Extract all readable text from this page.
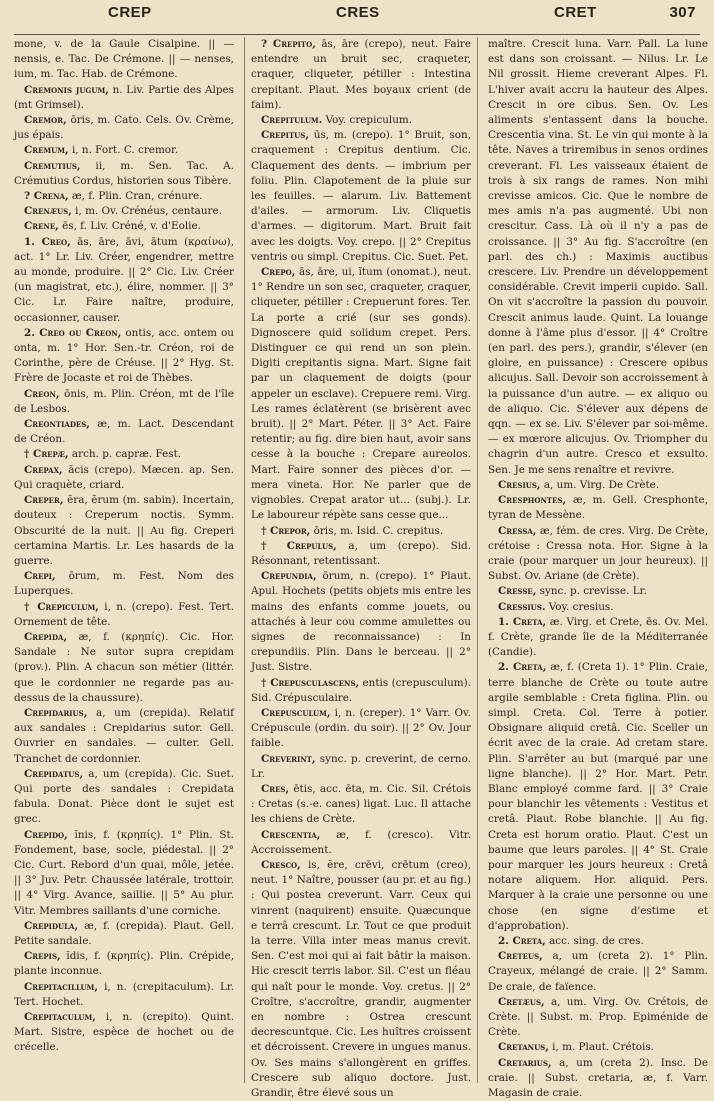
CREP	CRES	CRET	307

mone, v. de la Gaule Cisalpine. || — nensis, e. Tac. De Crémone. || — nenses, ium, m. Tac. Hab. de Crémone.

Cremonis jugum, n. Liv. Partie des Alpes (mt Grimsel).

Cremor, ōris, m. Cato. Cels. Ov. Crème, jus épais.

Cremum, i, n. Fort. C. cremor.

Cremutius, ii, m. Sen. Tac. A. Crémutius Cordus, historien sous Tibère.

? Crena, æ, f. Plin. Cran, crénure.

Crenæus, i, m. Ov. Crénéus, centaure.

Crene, ēs, f. Liv. Créné, v. d'Eolie.

1. Creo, ās, āre, āvi, ātum (κραίνω), act. 1° Lr. Liv. Créer, engendrer, mettre au monde, produire. || 2° Cic. Liv. Créer (un magistrat, etc.), élire, nommer. || 3° Cic. Lr. Faire naître, produire, occasionner, causer.

2. Creo ou Creon, ontis, acc. ontem ou onta, m. 1° Hor. Sen.-tr. Créon, roi de Corinthe, père de Créuse. || 2° Hyg. St. Frère de Jocaste et roi de Thèbes.

Creon, ōnis, m. Plin. Créon, mt de l'île de Lesbos.

Creontiades, æ, m. Lact. Descendant de Créon.

† Crepæ, arch. p. capræ. Fest.

Crepax, ācis (crepo). Mæcen. ap. Sen. Qui craquète, criard.

Creper, ĕra, ĕrum (m. sabin). Incertain, douteux : Creperum noctis. Symm. Obscurité de la nuit. || Au fig. Creperi certamina Martis. Lr. Les hasards de la guerre.

Crepi, ōrum, m. Fest. Nom des Luperques.

† Crepiculum, i, n. (crepo). Fest. Tert. Ornement de tête.

Crepida, æ, f. (κρηπίς). Cic. Hor. Sandale : Ne sutor supra crepidam (prov.). Plin. A chacun son métier (littér. que le cordonnier ne regarde pas au-dessus de la chaussure).

Crepidarius, a, um (crepida). Relatif aux sandales : Crepidarius sutor. Gell. Ouvrier en sandales. — culter. Gell. Tranchet de cordonnier.

Crepidatus, a, um (crepida). Cic. Suet. Qui porte des sandales : Crepidata fabula. Donat. Pièce dont le sujet est grec.

Crepido, ĭnis, f. (κρηπίς). 1° Plin. St. Fondement, base, socle, piédestal. || 2° Cic. Curt. Rebord d'un quai, môle, jetée. || 3° Juv. Petr. Chaussée latérale, trottoir. || 4° Virg. Avance, saillie. || 5° Au plur. Vitr. Membres saillants d'une corniche.

Crepidula, æ, f. (crepida). Plaut. Gell. Petite sandale.

Crepis, ĭdis, f. (κρηπίς). Plin. Crépide, plante inconnue.

Crepitacillum, i, n. (crepitaculum). Lr. Tert. Hochet.

Crepitaculum, i, n. (crepito). Quint. Mart. Sistre, espèce de hochet ou de crécelle.

? Crepito, ās, āre (crepo), neut. Faire entendre un bruit sec, craqueter, craquer, cliqueter, pétiller : Intestina crepitant. Plaut. Mes boyaux crient (de faim).

Crepitulum. Voy. crepiculum.

Crepitus, ūs, m. (crepo). 1° Bruit, son, craquement : Crepitus dentium. Cic. Claquement des dents. — imbrium per foliu. Plin. Clapotement de la pluie sur les feuilles. — alarum. Liv. Battement d'ailes. — armorum. Liv. Cliquetis d'armes. — digitorum. Mart. Bruit fait avec les doigts. Voy. crepo. || 2° Crepitus ventris ou simpl. Crepitus. Cic. Suet. Pet.

Crepo, ās, āre, ui, ĭtum (onomat.), neut. 1° Rendre un son sec, craqueter, craquer, cliqueter, pétiller : Crepuerunt fores. Ter. La porte a crié (sur ses gonds). Dignoscere quid solidum crepet. Pers. Distinguer ce qui rend un son plein. Digiti crepitantis signa. Mart. Signe fait par un claquement de doigts (pour appeler un esclave). Crepuere remi. Virg. Les rames éclatèrent (se brisèrent avec bruit). || 2° Mart. Péter. || 3° Act. Faire retentir; au fig. dire bien haut, avoir sans cesse à la bouche : Crepare aureolos. Mart. Faire sonner des pièces d'or. — mera vineta. Hor. Ne parler que de vignobles. Crepat arator ut... (subj.). Lr. Le laboureur répète sans cesse que...

† Crepor, ōris, m. Isid. C. crepitus.

† Crepulus, a, um (crepo). Sid. Résonnant, retentissant.

Crepundia, ōrum, n. (crepo). 1° Plaut. Apul. Hochets (petits objets mis entre les mains des enfants comme jouets, ou attachés à leur cou comme amulettes ou signes de reconnaissance) : In crepundiis. Plin. Dans le berceau. || 2° Just. Sistre.

† Crepusculascens, entis (crepusculum). Sid. Crépusculaire.

Crepusculum, i, n. (creper). 1° Varr. Ov. Crépuscule (ordin. du soir). || 2° Ov. Jour faible.

Creverint, sync. p. creverint, de cerno. Lr.

Cres, ētis, acc. ēta, m. Cic. Sil. Crétois : Cretas (s.-e. canes) ligat. Luc. Il attache les chiens de Crète.

Crescentia, æ, f. (cresco). Vitr. Accroissement.

Cresco, is, ĕre, crēvi, crētum (creo), neut. 1° Naître, pousser (au pr. et au fig.) : Qui postea creverunt. Varr. Ceux qui vinrent (naquirent) ensuite. Quæcunque e terrâ crescunt. Lr. Tout ce que produit la terre. Villa inter meas manus crevit. Sen. C'est moi qui ai fait bâtir la maison. Hic crescit terris labor. Sil. C'est un fléau qui naît pour le monde. Voy. cretus. || 2° Croître, s'accroître, grandir, augmenter en nombre : Ostrea crescunt decrescuntque. Cic. Les huîtres croissent et décroissent. Crevere in ungues manus. Ov. Ses mains s'allongèrent en griffes. Crescere sub aliquo doctore. Just. Grandir, être élevé sous un

maître. Crescit luna. Varr. Pall. La lune est dans son croissant. — Nilus. Lr. Le Nil grossit. Hieme creverant Alpes. Fl. L'hiver avait accru la hauteur des Alpes. Crescit in ore cibus. Sen. Ov. Les aliments s'entassent dans la bouche. Crescentia vina. St. Le vin qui monte à la tête. Naves a triremibus in senos ordines creverant. Fl. Les vaisseaux étaient de trois à six rangs de rames. Non mihi crevisse amicos. Cic. Que le nombre de mes amis n'a pas augmenté. Ubi non crescitur. Cass. Là où il n'y a pas de croissance. || 3° Au fig. S'accroître (en parl. des ch.) : Maximis auctibus crescere. Liv. Prendre un développement considérable. Crevit imperii cupido. Sall. On vit s'accroître la passion du pouvoir. Crescit animus laude. Quint. La louange donne à l'âme plus d'essor. || 4° Croître (en parl. des pers.), grandir, s'élever (en gloire, en puissance) : Crescere opibus alicujus. Sall. Devoir son accroissement à la puissance d'un autre. — ex aliquo ou de aliquo. Cic. S'élever aux dépens de qqn. — ex se. Liv. S'élever par soi-même. — ex mœrore alicujus. Ov. Triompher du chagrin d'un autre. Cresco et exsulto. Sen. Je me sens renaître et revivre.

Cresius, a, um. Virg. De Crète.

Cresphontes, æ, m. Gell. Cresphonte, tyran de Messène.

Cressa, æ, fém. de cres. Virg. De Crète, crétoise : Cressa nota. Hor. Signe à la craie (pour marquer un jour heureux). || Subst. Ov. Ariane (de Crète).

Cresse, sync. p. crevisse. Lr.

Cressius. Voy. cresius.

1. Creta, æ. Virg. et Crete, ēs. Ov. Mel. f. Crète, grande île de la Méditerranée (Candie).

2. Creta, æ, f. (Creta 1). 1° Plin. Craie, terre blanche de Crète ou toute autre argile semblable : Creta figlina. Plin. ou simpl. Creta. Col. Terre à potier. Obsignare aliquid cretâ. Cic. Sceller un écrit avec de la craie. Ad cretam stare. Plin. S'arrêter au but (marqué par une ligne blanche). || 2° Hor. Mart. Petr. Blanc employé comme fard. || 3° Craie pour blanchir les vêtements : Vestitus et cretâ. Plaut. Robe blanchie. || Au fig. Creta est horum oratio. Plaut. C'est un baume que leurs paroles. || 4° St. Craie pour marquer les jours heureux : Cretâ notare aliquem. Hor. aliquid. Pers. Marquer à la craie une personne ou une chose (en signe d'estime et d'approbation).

2. Creta, acc. sing. de cres.

Creteus, a, um (creta 2). 1° Plin. Crayeux, mélangé de craie. || 2° Samm. De craie, de faïence.

Cretæus, a, um. Virg. Ov. Crétois, de Crète. || Subst. m. Prop. Epiménide de Crète.

Cretanus, i, m. Plaut. Crétois.

Cretarius, a, um (creta 2). Insc. De craie. || Subst. cretaria, æ, f. Varr. Magasin de craie.
